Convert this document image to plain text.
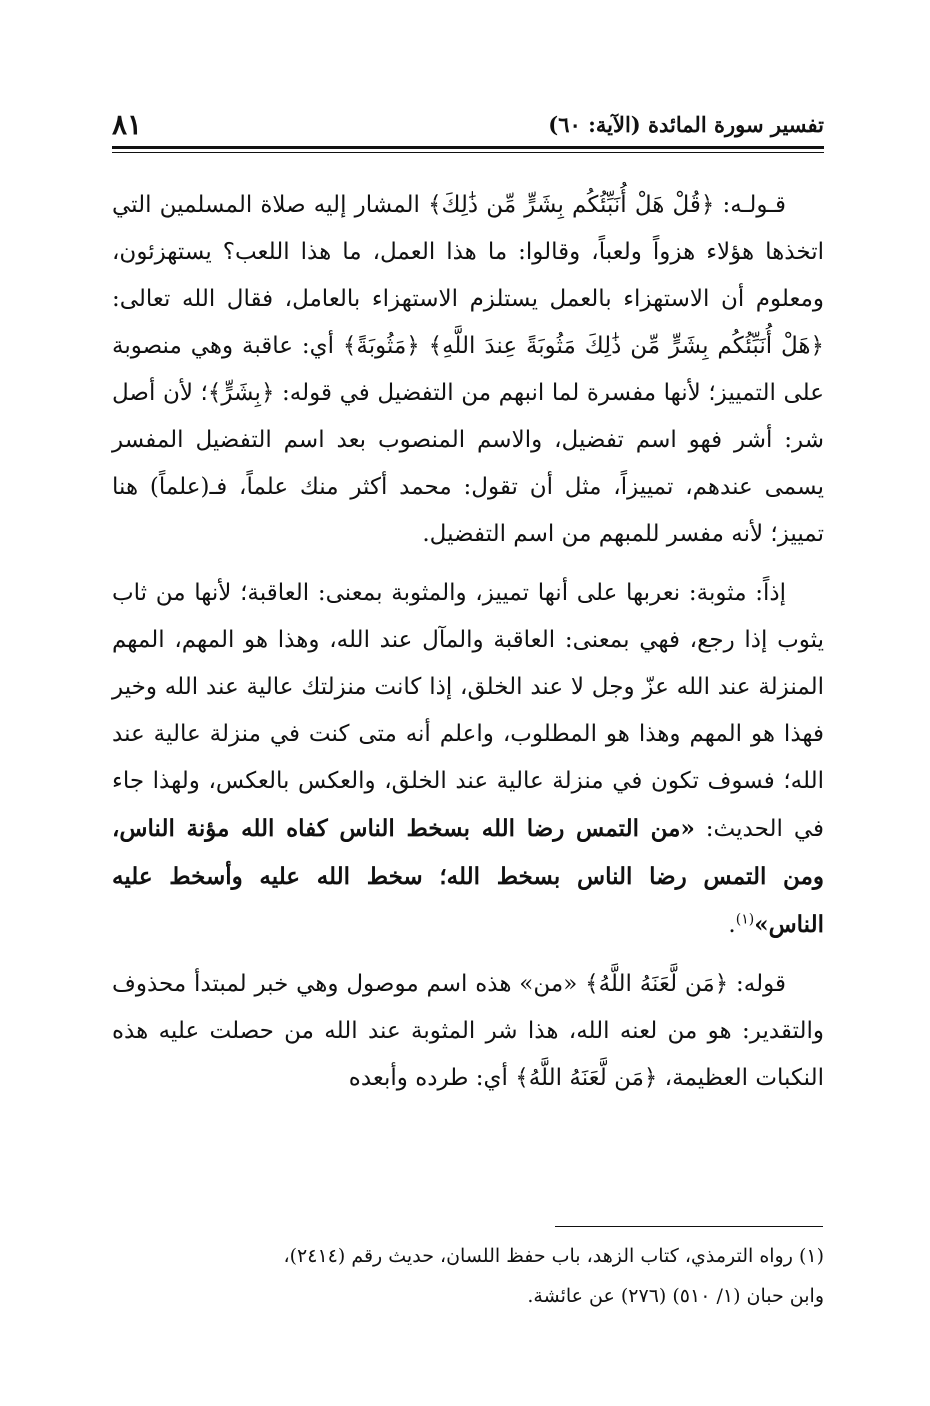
تفسير سورة المائدة (الآية: ٦٠)
٨١

قـولـه: ﴿قُلْ هَلْ أُنَبِّئُكُم بِشَرٍّ مِّن ذَٰلِكَ﴾ المشار إليه صلاة المسلمين التي اتخذها هؤلاء هزواً ولعباً، وقالوا: ما هذا العمل، ما هذا اللعب؟ يستهزئون، ومعلوم أن الاستهزاء بالعمل يستلزم الاستهزاء بالعامل، فقال الله تعالى: ﴿هَلْ أُنَبِّئُكُم بِشَرٍّ مِّن ذَٰلِكَ مَثُوبَةً عِندَ اللَّهِ﴾ ﴿مَثُوبَةً﴾ أي: عاقبة وهي منصوبة على التمييز؛ لأنها مفسرة لما انبهم من التفضيل في قوله: ﴿بِشَرٍّ﴾؛ لأن أصل شر: أشر فهو اسم تفضيل، والاسم المنصوب بعد اسم التفضيل المفسر يسمى عندهم، تمييزاً، مثل أن تقول: محمد أكثر منك علماً، فـ(علماً) هنا تمييز؛ لأنه مفسر للمبهم من اسم التفضيل.

إذاً: مثوبة: نعربها على أنها تمييز، والمثوبة بمعنى: العاقبة؛ لأنها من ثاب يثوب إذا رجع، فهي بمعنى: العاقبة والمآل عند الله، وهذا هو المهم، المهم المنزلة عند الله عزّ وجل لا عند الخلق، إذا كانت منزلتك عالية عند الله وخير فهذا هو المهم وهذا هو المطلوب، واعلم أنه متى كنت في منزلة عالية عند الله؛ فسوف تكون في منزلة عالية عند الخلق، والعكس بالعكس، ولهذا جاء في الحديث: «من التمس رضا الله بسخط الناس كفاه الله مؤنة الناس، ومن التمس رضا الناس بسخط الله؛ سخط الله عليه وأسخط عليه الناس»$^{(١)}$.

قوله: ﴿مَن لَّعَنَهُ اللَّهُ﴾ «من» هذه اسم موصول وهي خبر لمبتدأ محذوف والتقدير: هو من لعنه الله، هذا شر المثوبة عند الله من حصلت عليه هذه النكبات العظيمة، ﴿مَن لَّعَنَهُ اللَّهُ﴾ أي: طرده وأبعده

(١) رواه الترمذي، كتاب الزهد، باب حفظ اللسان، حديث رقم (٢٤١٤)،

وابن حبان (١/ ٥١٠) (٢٧٦) عن عائشة.
